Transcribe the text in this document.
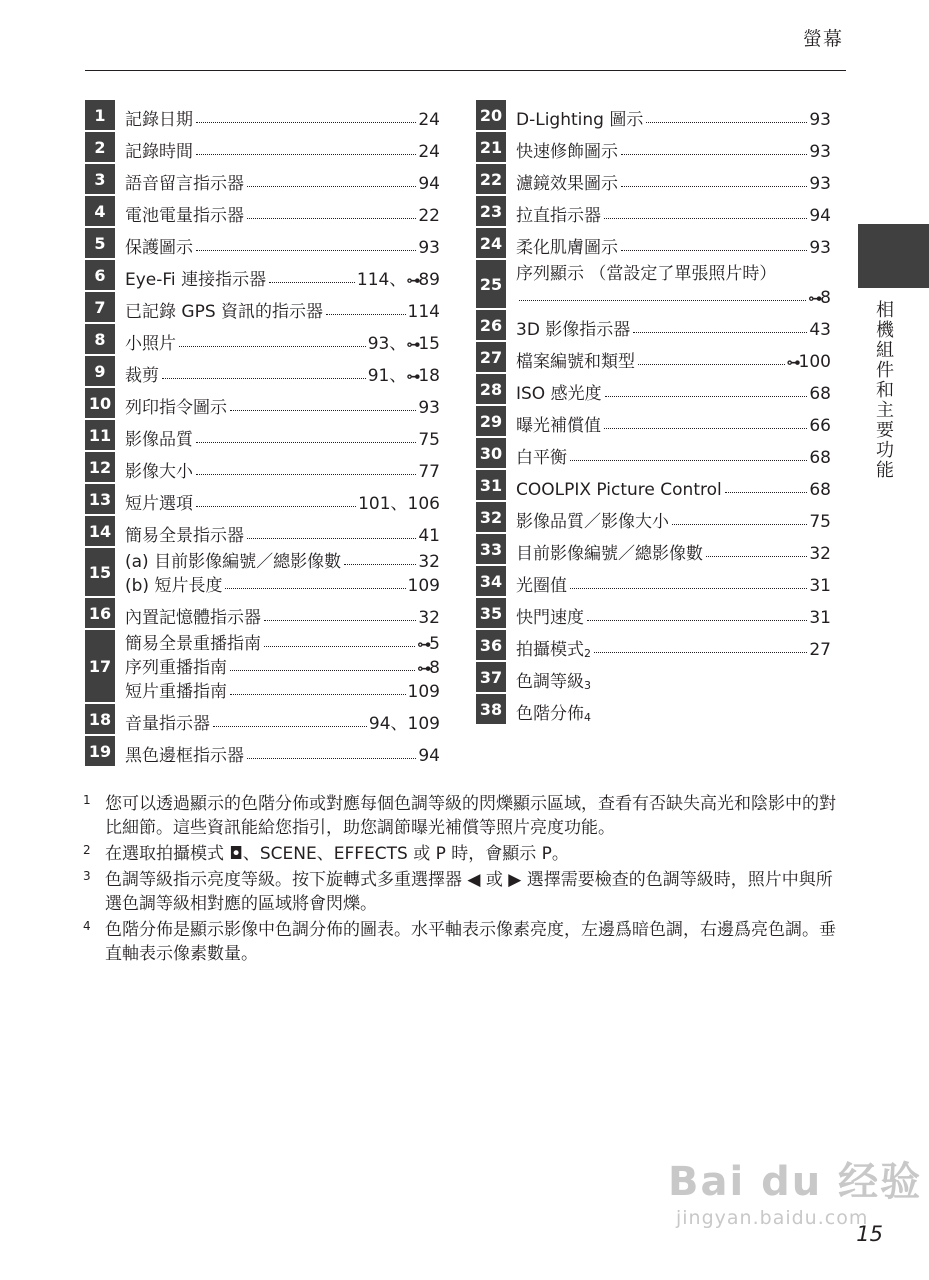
螢幕
1	記錄日期	24
2	記錄時間	24
3	語音留言指示器	94
4	電池電量指示器	22
5	保護圖示	93
6	Eye-Fi 連接指示器	114、⊶89
7	已記錄 GPS 資訊的指示器	114
8	小照片	93、⊶15
9	裁剪	91、⊶18
10 列印指令圖示	93
11 影像品質	75
12 影像大小	77
13 短片選項	101、106
14 簡易全景指示器	41
15 (a) 目前影像編號／總影像數	32
(b) 短片長度	109
16 內置記憶體指示器	32
17
簡易全景重播指南	⊶5
序列重播指南	⊶8
短片重播指南	109
18 音量指示器	94、109
19 黑色邊框指示器	94
20 D-Lighting 圖示	93
21 快速修飾圖示	93
22 濾鏡效果圖示	93
23 拉直指示器	94
24 柔化肌膚圖示	93
25 序列顯示 （當設定了單張照片時）
⊶8
26 3D 影像指示器	43
27 檔案編號和類型	⊶100
28 ISO 感光度	68
29 曝光補償值	66
30 白平衡	68
31 COOLPIX Picture Control	68
32 影像品質／影像大小	75
33 目前影像編號／總影像數	32
34 光圈值	31
35 快門速度	31
36 拍攝模式 2	27
37 色調等級 3
38 色階分佈 4
相機組件和主要功能
1 您可以透過顯示的色階分佈或對應每個色調等級的閃爍顯示區域，查看有否缺失高光和陰影中的對比細節。這些資訊能給您指引，助您調節曝光補償等照片亮度功能。
2 在選取拍攝模式 ◘、SCENE、EFFECTS 或 P 時，會顯示 P。
3 色調等級指示亮度等級。按下旋轉式多重選擇器 ◀ 或 ▶ 選擇需要檢查的色調等級時，照片中與所選色調等級相對應的區域將會閃爍。
4 色階分佈是顯示影像中色調分佈的圖表。水平軸表示像素亮度，左邊爲暗色調，右邊爲亮色調。垂直軸表示像素數量。
Bai du 经验
jingyan.baidu.com
15
